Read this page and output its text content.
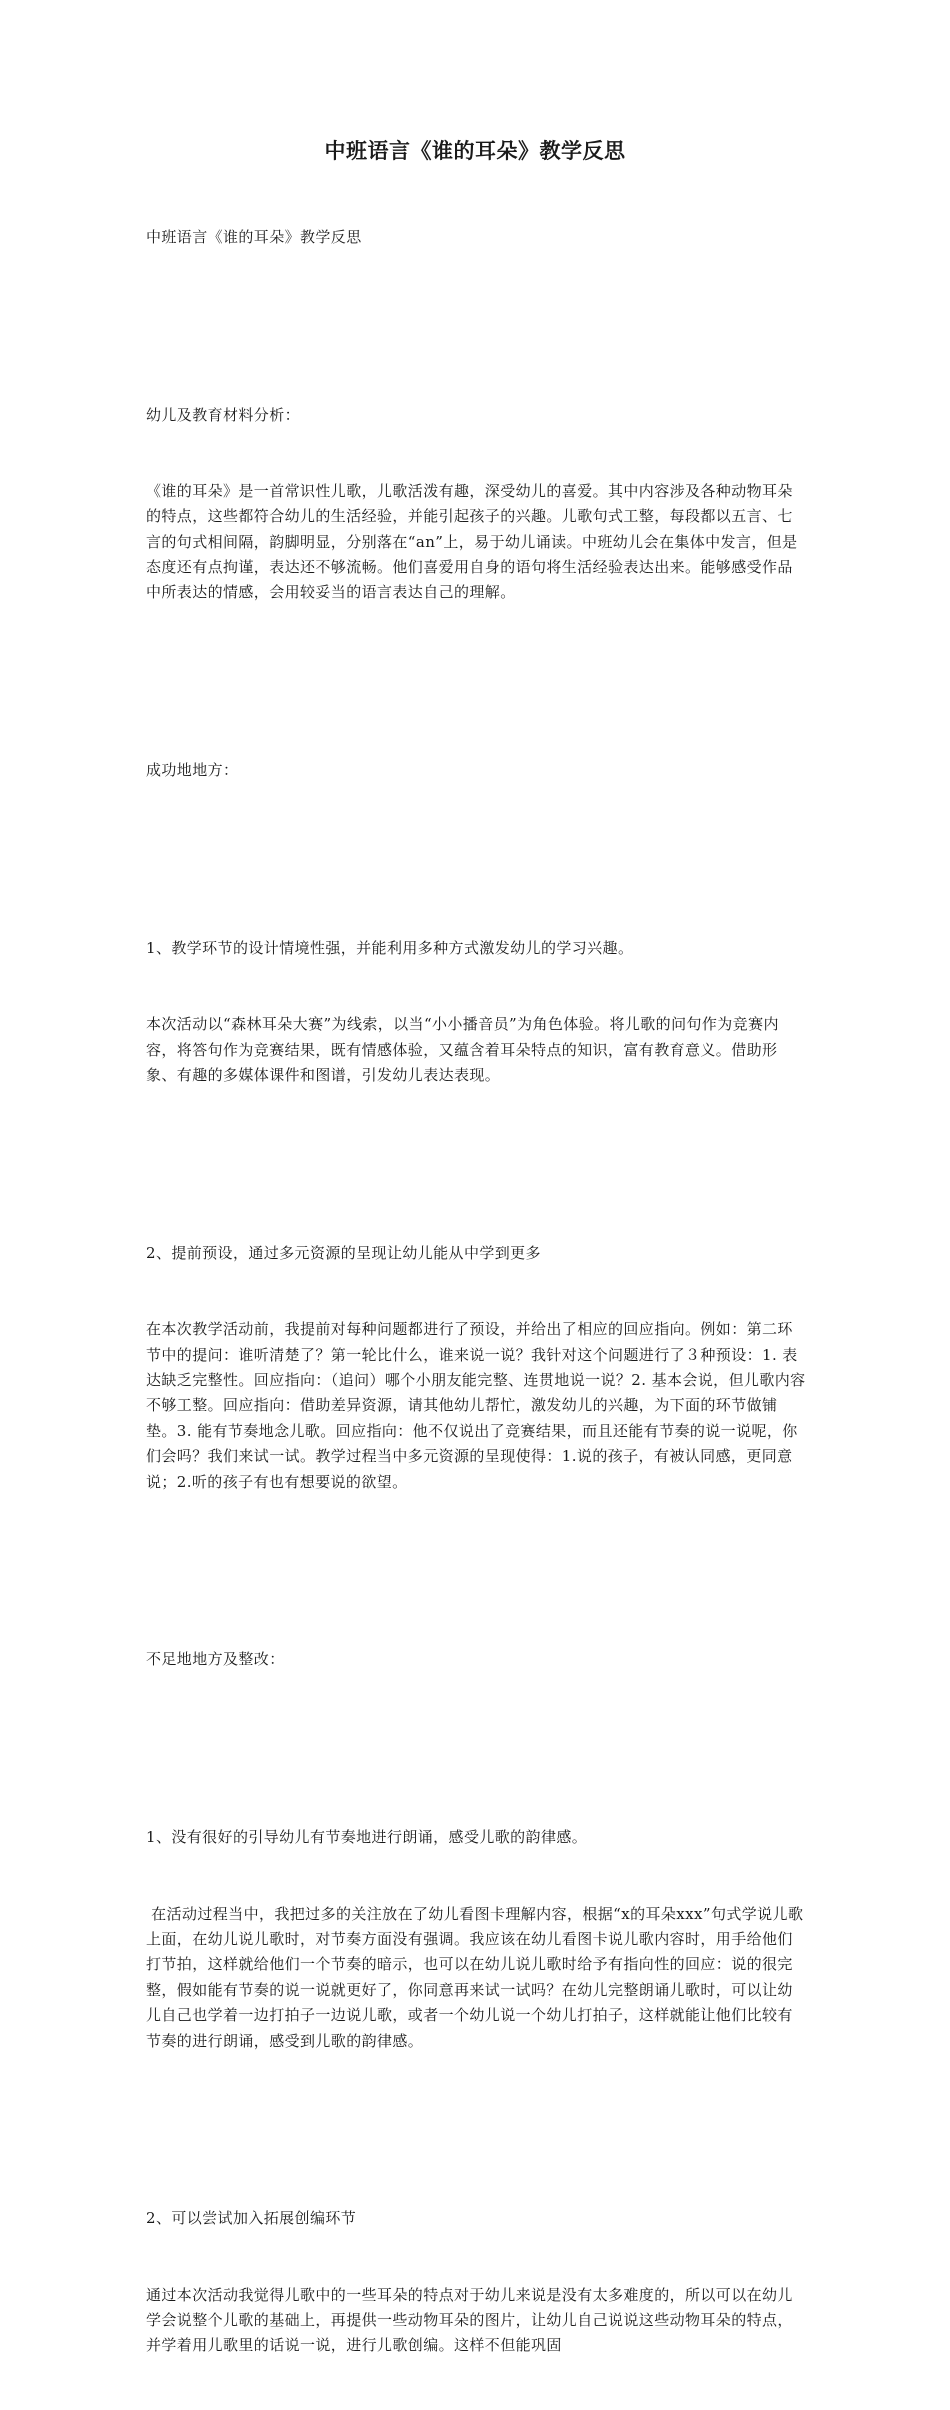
中班语言《谁的耳朵》教学反思

中班语言《谁的耳朵》教学反思

幼儿及教育材料分析：

《谁的耳朵》是一首常识性儿歌，儿歌活泼有趣，深受幼儿的喜爱。其中内容涉及各种动物耳朵的特点，这些都符合幼儿的生活经验，并能引起孩子的兴趣。儿歌句式工整，每段都以五言、七言的句式相间隔，韵脚明显，分别落在“an”上，易于幼儿诵读。中班幼儿会在集体中发言，但是态度还有点拘谨，表达还不够流畅。他们喜爱用自身的语句将生活经验表达出来。能够感受作品中所表达的情感，会用较妥当的语言表达自己的理解。

成功地地方：

1、教学环节的设计情境性强，并能利用多种方式激发幼儿的学习兴趣。

本次活动以“森林耳朵大赛”为线索，以当“小小播音员”为角色体验。将儿歌的问句作为竞赛内容，将答句作为竞赛结果，既有情感体验，又蕴含着耳朵特点的知识，富有教育意义。借助形象、有趣的多媒体课件和图谱，引发幼儿表达表现。

2、提前预设，通过多元资源的呈现让幼儿能从中学到更多

在本次教学活动前，我提前对每种问题都进行了预设，并给出了相应的回应指向。例如：第二环节中的提问：谁听清楚了？第一轮比什么，谁来说一说？我针对这个问题进行了３种预设：1. 表达缺乏完整性。回应指向：（追问）哪个小朋友能完整、连贯地说一说？2. 基本会说，但儿歌内容不够工整。回应指向：借助差异资源，请其他幼儿帮忙，激发幼儿的兴趣，为下面的环节做铺垫。3. 能有节奏地念儿歌。回应指向：他不仅说出了竞赛结果，而且还能有节奏的说一说呢，你们会吗？我们来试一试。教学过程当中多元资源的呈现使得：1.说的孩子，有被认同感，更同意说；2.听的孩子有也有想要说的欲望。

不足地地方及整改：

1、没有很好的引导幼儿有节奏地进行朗诵，感受儿歌的韵律感。

在活动过程当中，我把过多的关注放在了幼儿看图卡理解内容，根据“x的耳朵xxx”句式学说儿歌上面，在幼儿说儿歌时，对节奏方面没有强调。我应该在幼儿看图卡说儿歌内容时，用手给他们打节拍，这样就给他们一个节奏的暗示，也可以在幼儿说儿歌时给予有指向性的回应：说的很完整，假如能有节奏的说一说就更好了，你同意再来试一试吗？在幼儿完整朗诵儿歌时，可以让幼儿自己也学着一边打拍子一边说儿歌，或者一个幼儿说一个幼儿打拍子，这样就能让他们比较有节奏的进行朗诵，感受到儿歌的韵律感。

2、可以尝试加入拓展创编环节

通过本次活动我觉得儿歌中的一些耳朵的特点对于幼儿来说是没有太多难度的，所以可以在幼儿学会说整个儿歌的基础上，再提供一些动物耳朵的图片，让幼儿自己说说这些动物耳朵的特点，并学着用儿歌里的话说一说，进行儿歌创编。这样不但能巩固
